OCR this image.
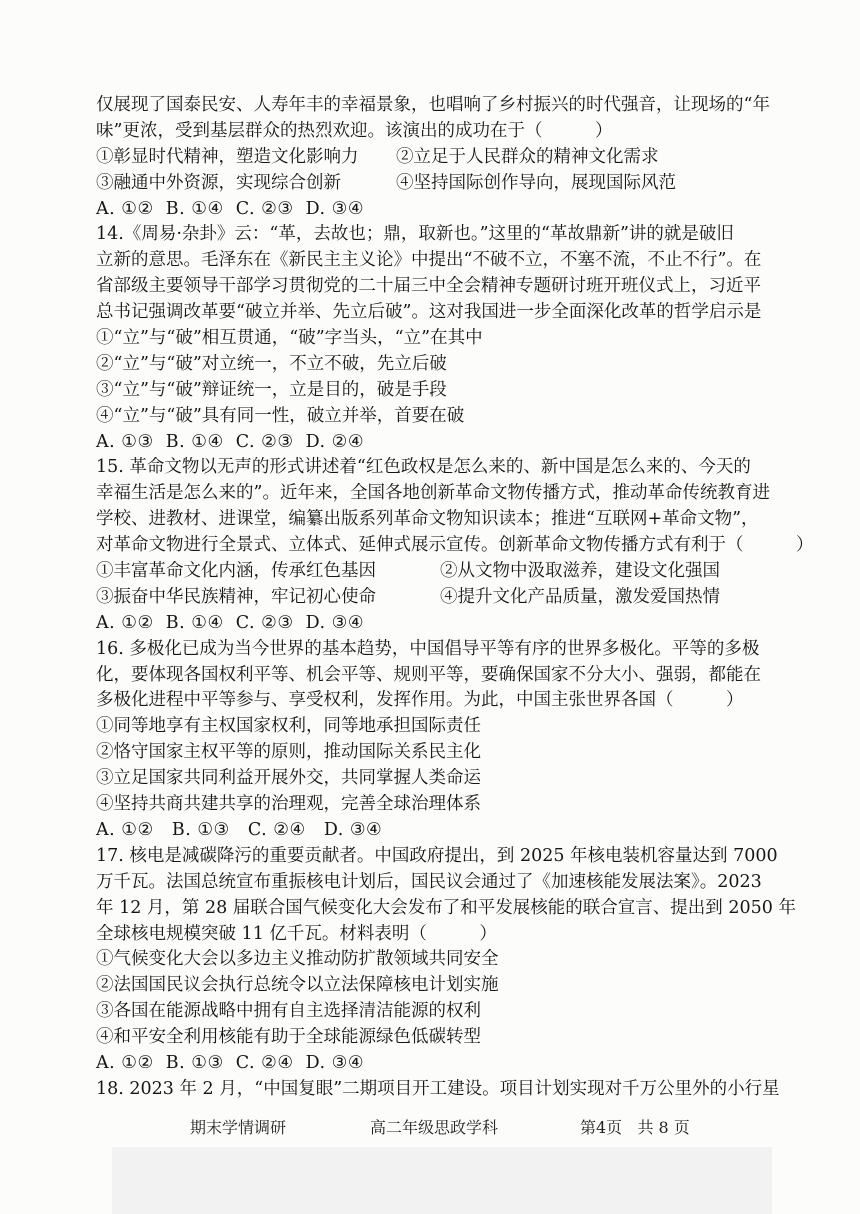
仅展现了国泰民安、人寿年丰的幸福景象，也唱响了乡村振兴的时代强音，让现场的“年
味”更浓，受到基层群众的热烈欢迎。该演出的成功在于（　　　）
①彰显时代精神，塑造文化影响力	②立足于人民群众的精神文化需求
③融通中外资源，实现综合创新	④坚持国际创作导向，展现国际风范
A. ①②  B. ①④  C. ②③  D. ③④
14.《周易·杂卦》云：“革，去故也；鼎，取新也。”这里的“革故鼎新”讲的就是破旧
立新的意思。毛泽东在《新民主主义论》中提出“不破不立，不塞不流，不止不行”。在
省部级主要领导干部学习贯彻党的二十届三中全会精神专题研讨班开班仪式上，习近平
总书记强调改革要“破立并举、先立后破”。这对我国进一步全面深化改革的哲学启示是
①“立”与“破”相互贯通，“破”字当头，“立”在其中
②“立”与“破”对立统一，不立不破，先立后破
③“立”与“破”辩证统一，立是目的，破是手段
④“立”与“破”具有同一性，破立并举，首要在破
A. ①③  B. ①④  C. ②③  D. ②④
15. 革命文物以无声的形式讲述着“红色政权是怎么来的、新中国是怎么来的、今天的
幸福生活是怎么来的”。近年来，全国各地创新革命文物传播方式，推动革命传统教育进
学校、进教材、进课堂，编纂出版系列革命文物知识读本；推进“互联网+革命文物”，
对革命文物进行全景式、立体式、延伸式展示宣传。创新革命文物传播方式有利于（　　　）
①丰富革命文化内涵，传承红色基因	②从文物中汲取滋养，建设文化强国
③振奋中华民族精神，牢记初心使命	④提升文化产品质量，激发爱国热情
A. ①②  B. ①④  C. ②③  D. ③④
16. 多极化已成为当今世界的基本趋势，中国倡导平等有序的世界多极化。平等的多极
化，要体现各国权利平等、机会平等、规则平等，要确保国家不分大小、强弱，都能在
多极化进程中平等参与、享受权利，发挥作用。为此，中国主张世界各国（　　　）
①同等地享有主权国家权利，同等地承担国际责任
②恪守国家主权平等的原则，推动国际关系民主化
③立足国家共同利益开展外交，共同掌握人类命运
④坚持共商共建共享的治理观，完善全球治理体系
A. ①②   B. ①③   C. ②④   D. ③④
17. 核电是减碳降污的重要贡献者。中国政府提出，到 2025 年核电装机容量达到 7000
万千瓦。法国总统宣布重振核电计划后，国民议会通过了《加速核能发展法案》。2023
年 12 月，第 28 届联合国气候变化大会发布了和平发展核能的联合宣言、提出到 2050 年
全球核电规模突破 11 亿千瓦。材料表明（　　　）
①气候变化大会以多边主义推动防扩散领域共同安全
②法国国民议会执行总统令以立法保障核电计划实施
③各国在能源战略中拥有自主选择清洁能源的权利
④和平安全利用核能有助于全球能源绿色低碳转型
A. ①②  B. ①③  C. ②④  D. ③④
18. 2023 年 2 月，“中国复眼”二期项目开工建设。项目计划实现对千万公里外的小行星
期末学情调研	高二年级思政学科	第4页   共 8 页
